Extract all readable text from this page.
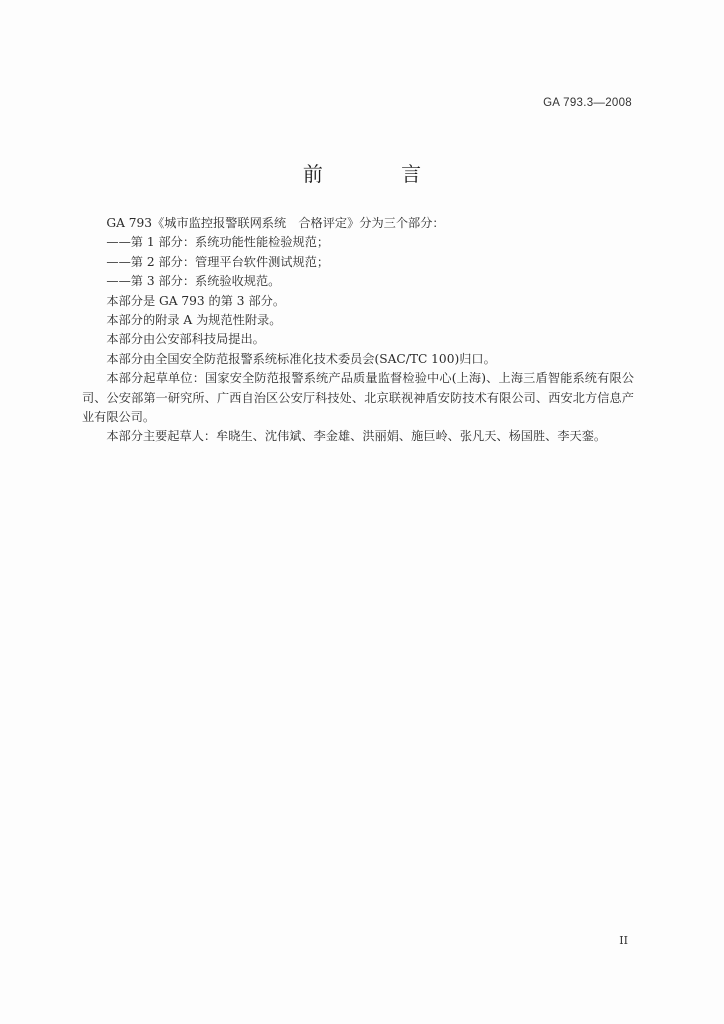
GA 793.3—2008
前 言

GA 793《城市监控报警联网系统　合格评定》分为三个部分：

——第 1 部分：系统功能性能检验规范；

——第 2 部分：管理平台软件测试规范；

——第 3 部分：系统验收规范。

本部分是 GA 793 的第 3 部分。

本部分的附录 A 为规范性附录。

本部分由公安部科技局提出。

本部分由全国安全防范报警系统标准化技术委员会(SAC/TC 100)归口。

本部分起草单位：国家安全防范报警系统产品质量监督检验中心(上海)、上海三盾智能系统有限公司、公安部第一研究所、广西自治区公安厅科技处、北京联视神盾安防技术有限公司、西安北方信息产业有限公司。

本部分主要起草人：牟晓生、沈伟斌、李金雄、洪丽娟、施巨岭、张凡天、杨国胜、李天銮。

II
